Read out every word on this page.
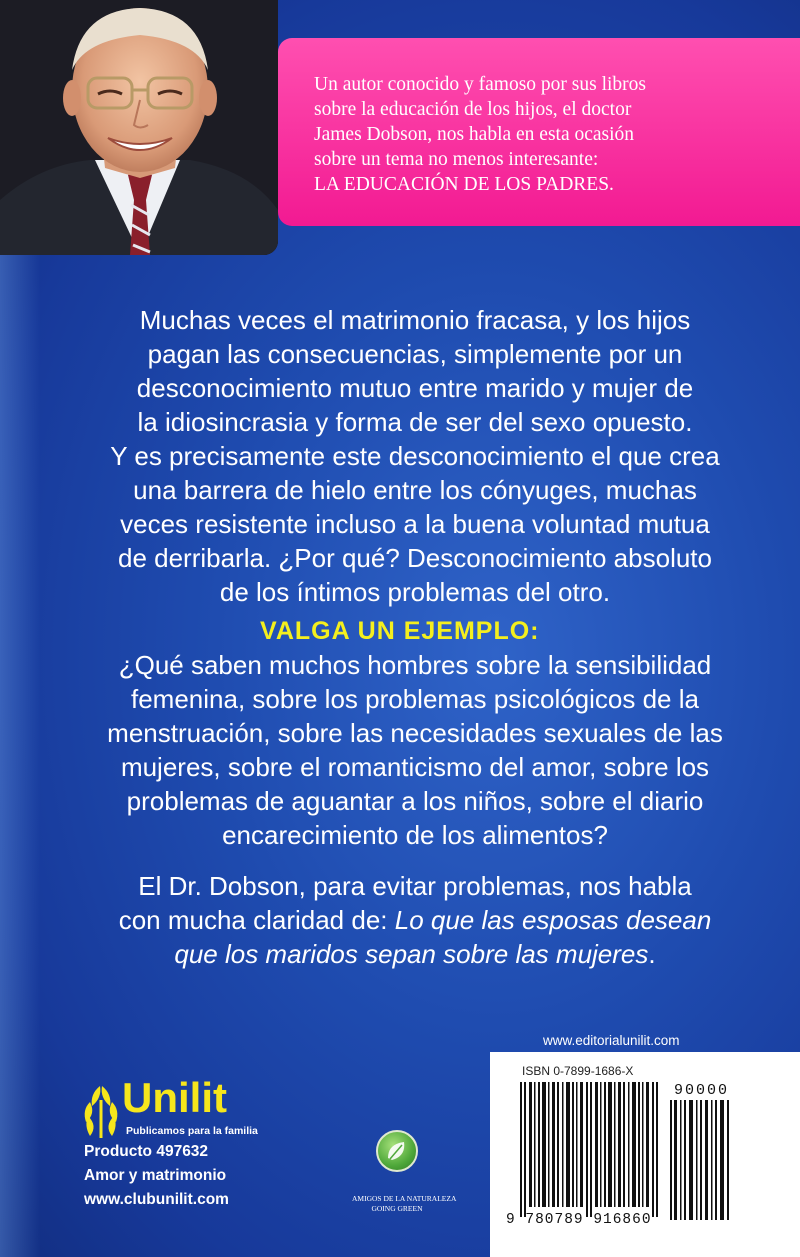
Un autor conocido y famoso por sus libros
sobre la educación de los hijos, el doctor
James Dobson, nos habla en esta ocasión
sobre un tema no menos interesante:
LA EDUCACIÓN DE LOS PADRES.
Muchas veces el matrimonio fracasa, y los hijos
pagan las consecuencias, simplemente por un
desconocimiento mutuo entre marido y mujer de
la idiosincrasia y forma de ser del sexo opuesto.
Y es precisamente este desconocimiento el que crea
una barrera de hielo entre los cónyuges, muchas
veces resistente incluso a la buena voluntad mutua
de derribarla. ¿Por qué? Desconocimiento absoluto
de los íntimos problemas del otro.
VALGA UN EJEMPLO:
¿Qué saben muchos hombres sobre la sensibilidad
femenina, sobre los problemas psicológicos de la
menstruación, sobre las necesidades sexuales de las
mujeres, sobre el romanticismo del amor, sobre los
problemas de aguantar a los niños, sobre el diario
encarecimiento de los alimentos?
El Dr. Dobson, para evitar problemas, nos habla
con mucha claridad de: Lo que las esposas desean
que los maridos sepan sobre las mujeres.
www.editorialunilit.com
ISBN 0-7899-1686-X
90000
9 780789 916860
Unilit
Publicamos para la familia
Producto 497632
Amor y matrimonio
www.clubunilit.com	AMIGOS DE LA NATURALEZA
GOING GREEN
